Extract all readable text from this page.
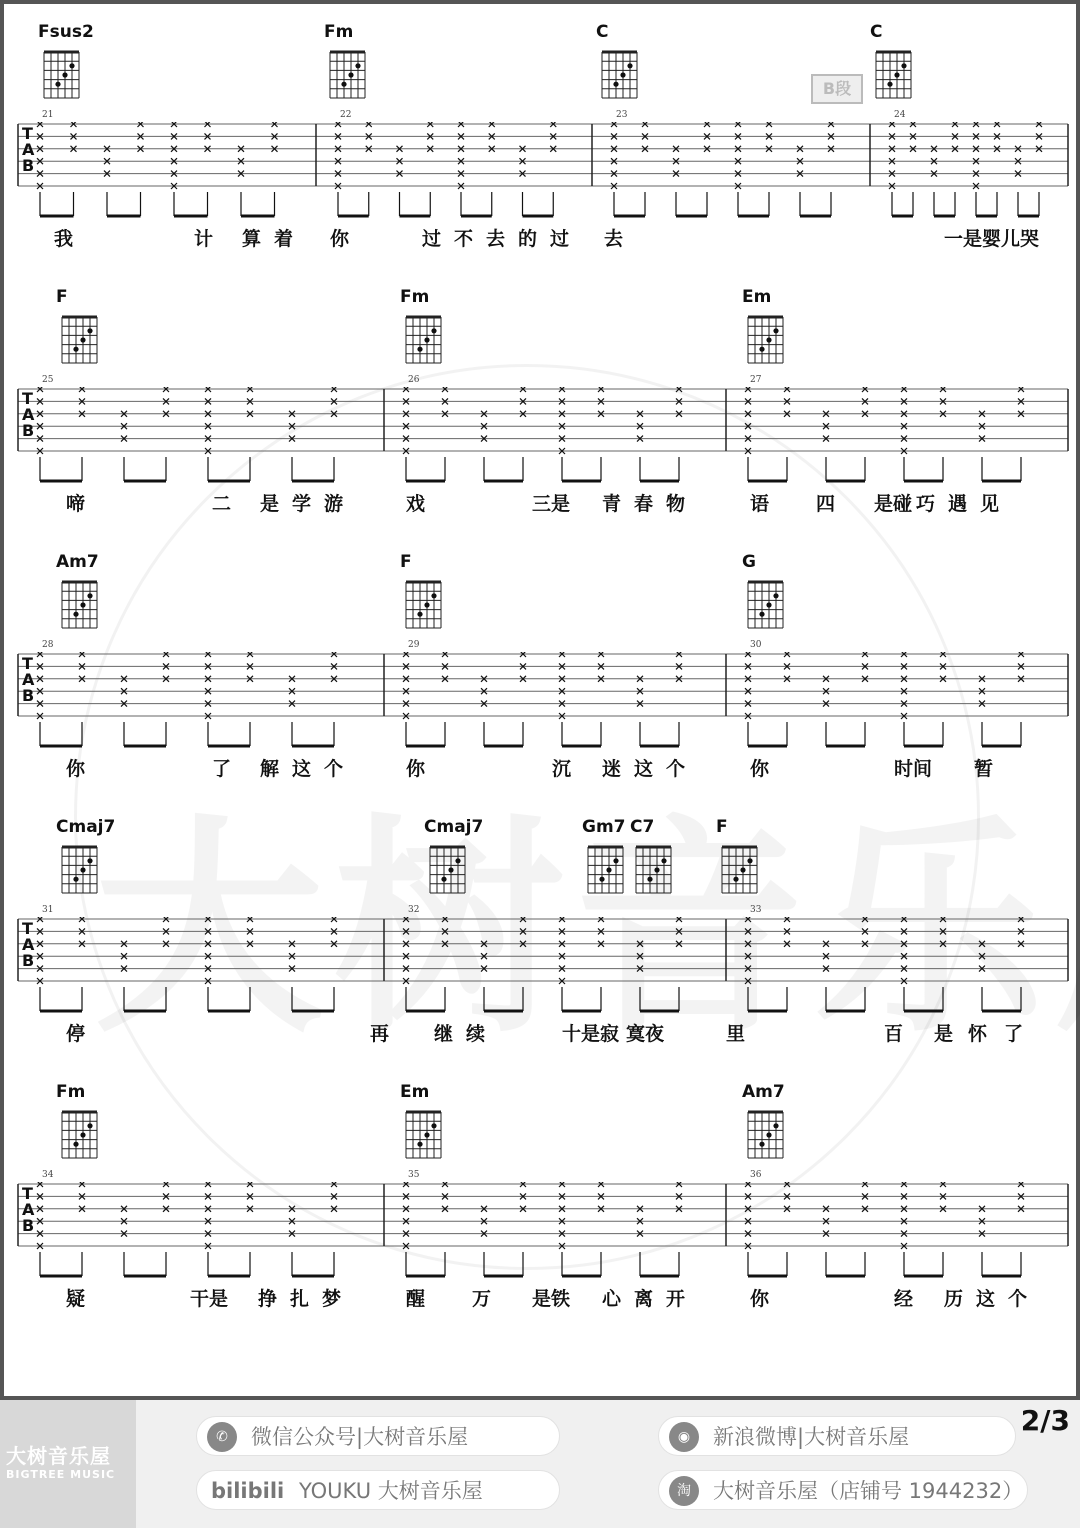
B段
Fsus2	Fm	C	C
T
A
B
21	22	23	24
我	计 算 着 你	过 不 去 的 过 去	一是婴儿哭
F	Fm	Em
T
A
B
25	26	27
啼	二 是 学 游	戏	三是 青 春 物	语 四 是碰 巧 遇 见
Am7	F	G
T
A
B
28	29	30
你	了 解 这 个	你	沉 迷 这 个	你	时间 暂
Cmaj7	Cmaj7	Gm7 C7	F
T
A
B
31	32	33
停	再 继 续	十是寂 寞夜	里	百 是 怀 了
Fm	Em	Am7
T
A
B
34	35	36
疑	干是 挣 扎 梦	醒 万 是铁 心 离 开	你	经 历 这 个
大树音乐屋
BIGTREE MUSIC
✆	微信公众号|大树音乐屋
bilibili YOUKU 大树音乐屋
◉	新浪微博|大树音乐屋
淘	大树音乐屋（店铺号 1944232）
2/3
